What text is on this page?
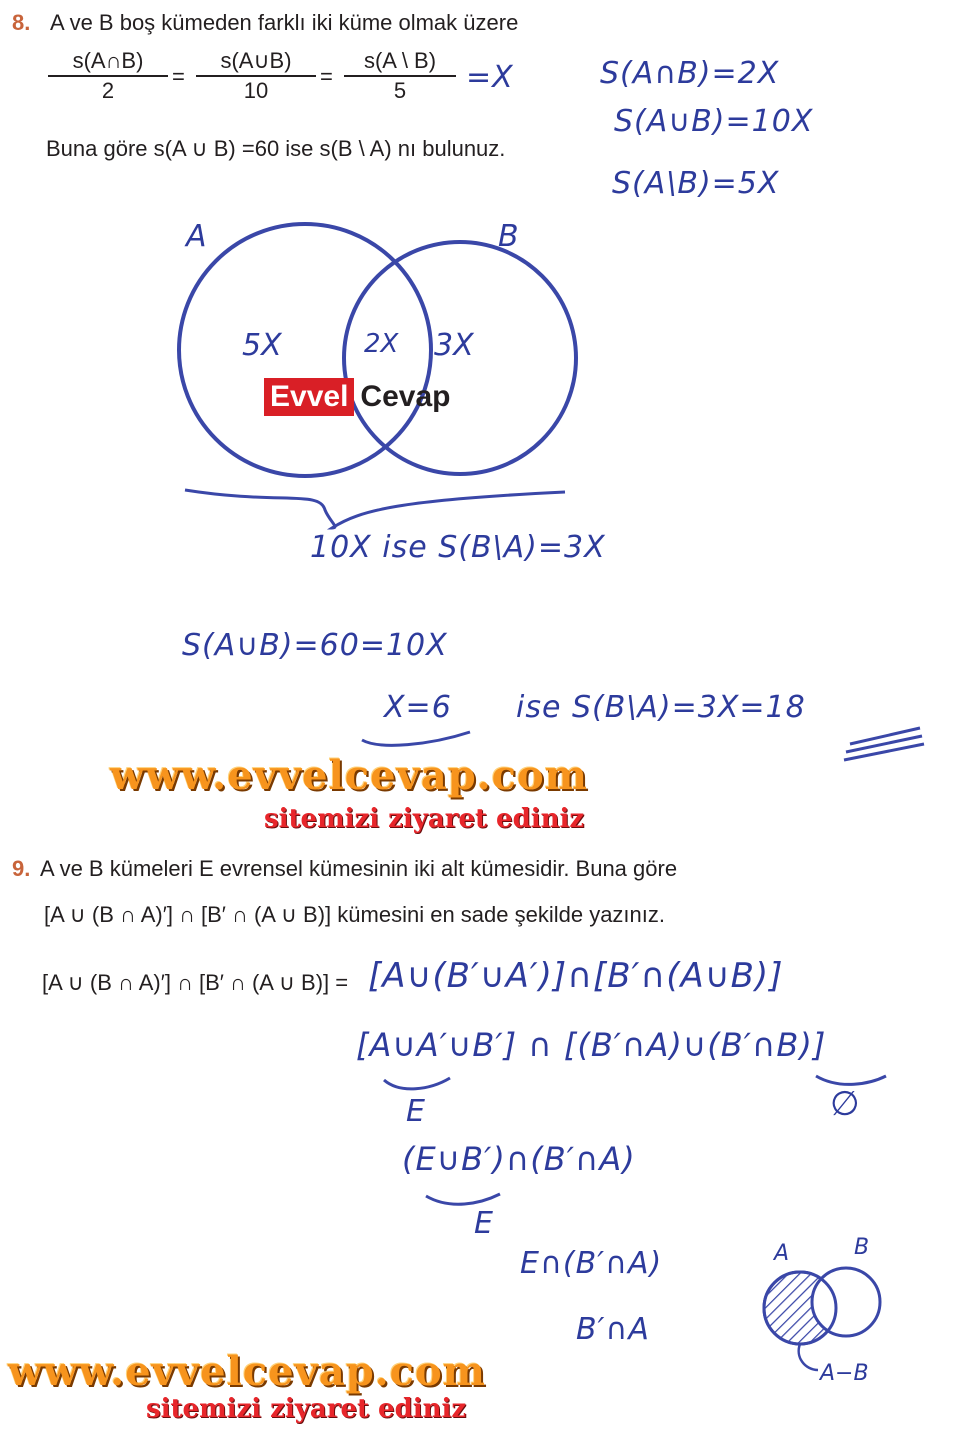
8. A ve B boş kümeden farklı iki küme olmak üzere
s(A∩B)
2
=
s(A∪B)
10
=
s(A \ B)
5	=X
Buna göre s(A ∪ B) =60 ise s(B \ A) nı bulunuz.
S(A∩B)=2X
S(A∪B)=10X
S(A\B)=5X
A	B
5X	2X 3X
Evvel Cevap
10X ise S(B\A)=3X
S(A∪B)=60=10X
X=6 ise S(B\A)=3X=18
www.evvelcevap.com
sitemizi ziyaret ediniz
9. A ve B kümeleri E evrensel kümesinin iki alt kümesidir. Buna göre
[A ∪ (B ∩ A)′] ∩ [B′ ∩ (A ∪ B)] kümesini en sade şekilde yazınız.
[A ∪ (B ∩ A)′] ∩ [B′ ∩ (A ∪ B)] = [A∪(B′∪A′)]∩[B′∩(A∪B)]
[A∪A′∪B′] ∩ [(B′∩A)∪(B′∩B)]
E	∅
(E∪B′)∩(B′∩A)
E
E∩(B′∩A)
B′∩A
A	B
A−B
www.evvelcevap.com
sitemizi ziyaret ediniz
